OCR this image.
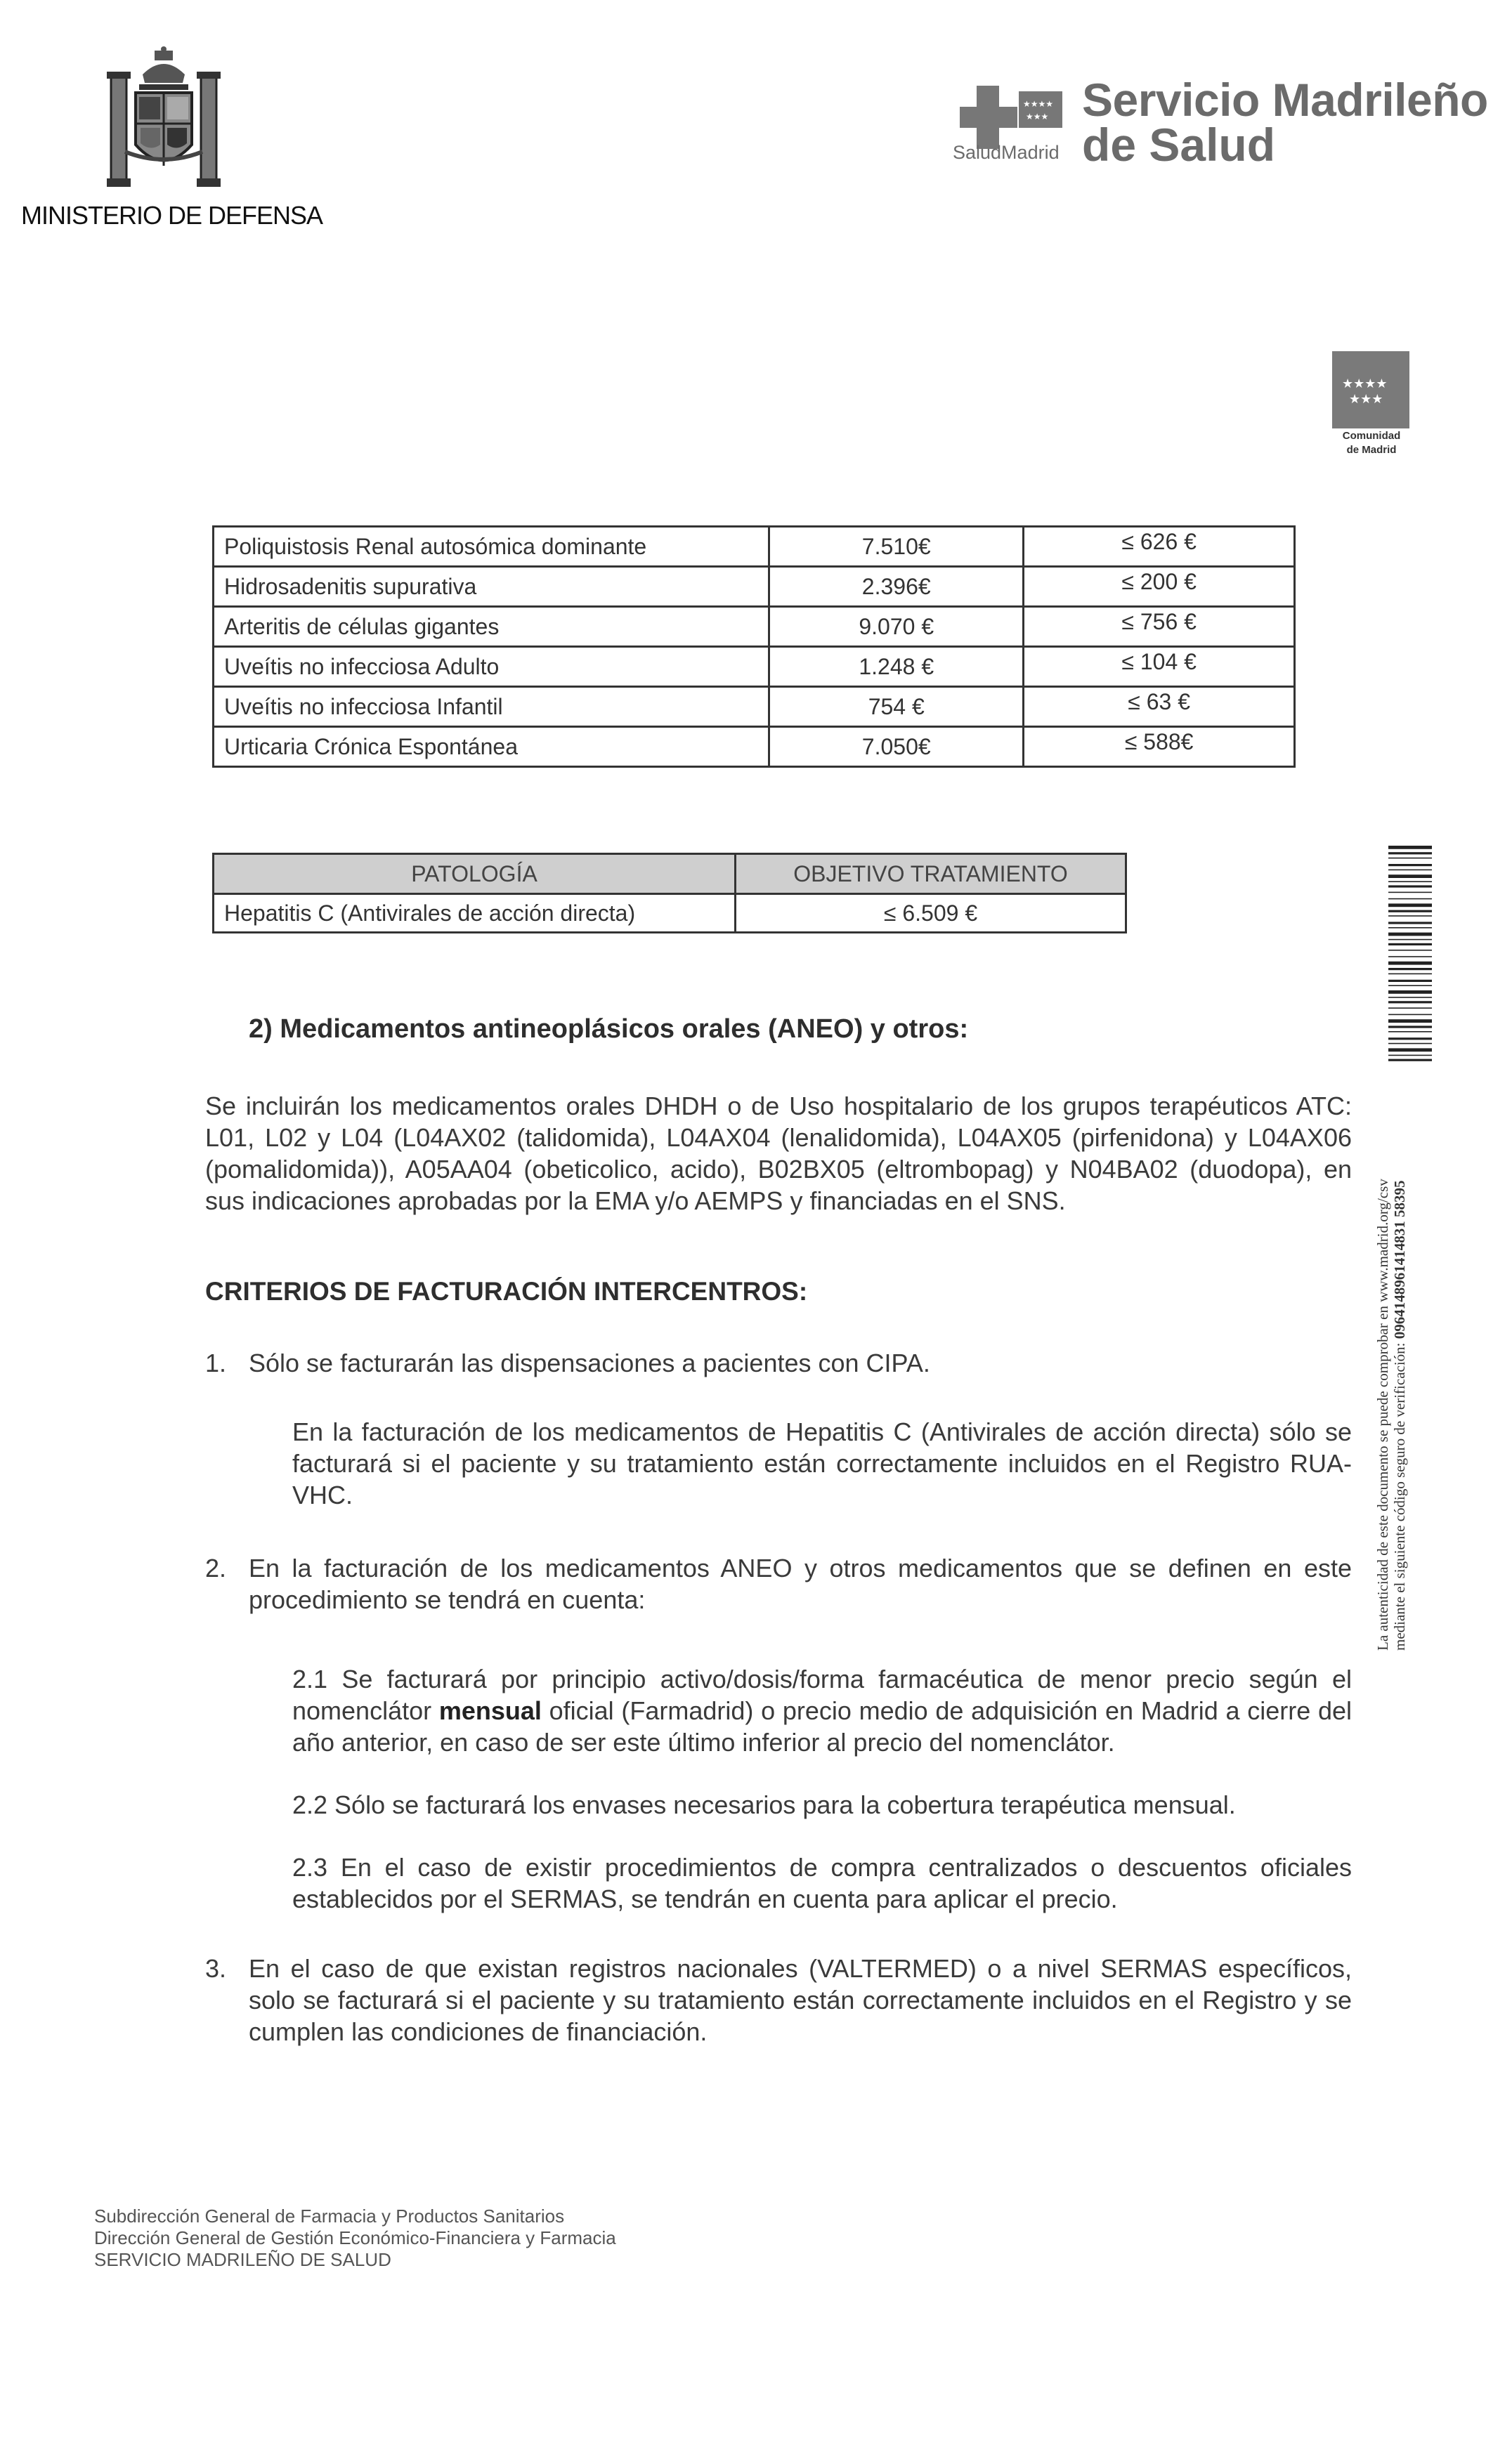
MINISTERIO DE DEFENSA
★★★★
★★★ Servicio Madrileño
de Salud
SaludMadrid
★★★★
★★★
Comunidad
de Madrid
Poliquistosis Renal autosómica dominante	7.510€	≤ 626 €
Hidrosadenitis supurativa	2.396€	≤ 200 €
Arteritis de células gigantes	9.070 €	≤ 756 €
Uveítis no infecciosa Adulto	1.248 €	≤ 104 €
Uveítis no infecciosa Infantil	754 €	≤ 63 €
Urticaria Crónica Espontánea	7.050€	≤ 588€
PATOLOGÍA	OBJETIVO TRATAMIENTO
Hepatitis C (Antivirales de acción directa)	≤ 6.509 €
2) Medicamentos antineoplásicos orales (ANEO) y otros:
Se incluirán los medicamentos orales DHDH o de Uso hospitalario de los grupos terapéuticos ATC: L01, L02 y L04 (L04AX02 (talidomida), L04AX04 (lenalidomida), L04AX05 (pirfenidona) y L04AX06 (pomalidomida)), A05AA04 (obeticolico, acido), B02BX05 (eltrombopag) y N04BA02 (duodopa), en sus indicaciones aprobadas por la EMA y/o AEMPS y financiadas en el SNS.
CRITERIOS DE FACTURACIÓN INTERCENTROS:
1. Sólo se facturarán las dispensaciones a pacientes con CIPA.
En la facturación de los medicamentos de Hepatitis C (Antivirales de acción directa) sólo se facturará si el paciente y su tratamiento están correctamente incluidos en el Registro RUA-VHC.
2. En la facturación de los medicamentos ANEO y otros medicamentos que se definen en este procedimiento se tendrá en cuenta:
2.1 Se facturará por principio activo/dosis/forma farmacéutica de menor precio según el nomenclátor mensual oficial (Farmadrid) o precio medio de adquisición en Madrid a cierre del año anterior, en caso de ser este último inferior al precio del nomenclátor.
2.2 Sólo se facturará los envases necesarios para la cobertura terapéutica mensual.
2.3 En el caso de existir procedimientos de compra centralizados o descuentos oficiales establecidos por el SERMAS, se tendrán en cuenta para aplicar el precio.
3. En el caso de que existan registros nacionales (VALTERMED) o a nivel SERMAS específicos, solo se facturará si el paciente y su tratamiento están correctamente incluidos en el Registro y se cumplen las condiciones de financiación.
La autenticidad de este documento se puede comprobar en www.madrid.org/csv mediante el siguiente código seguro de verificación: 0964148961414831 58395
Subdirección General de Farmacia y Productos Sanitarios
Dirección General de Gestión Económico-Financiera y Farmacia
SERVICIO MADRILEÑO DE SALUD
